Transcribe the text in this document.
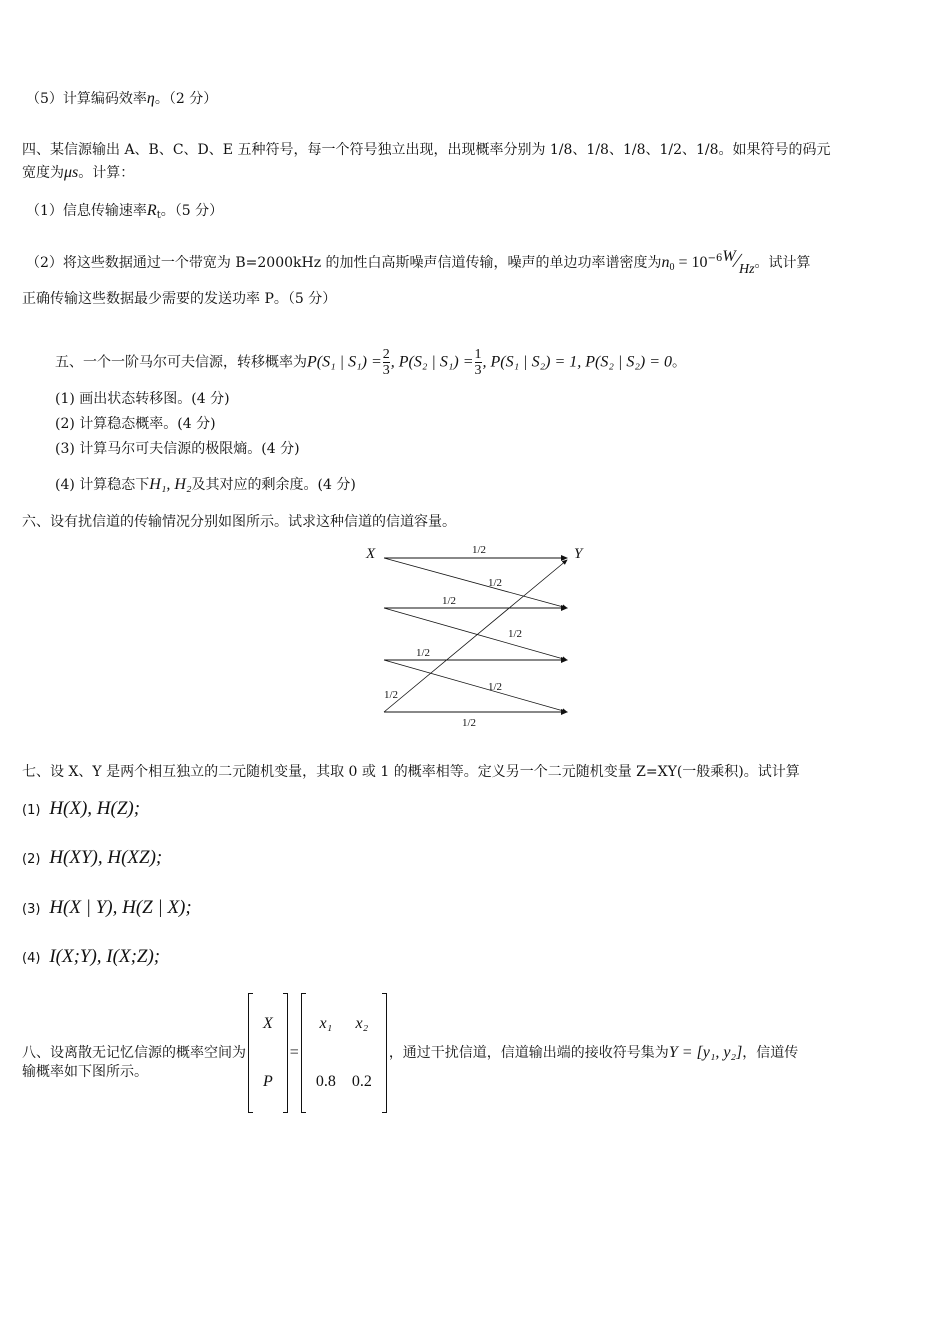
（5）计算编码效率η。（2 分）
四、某信源输出 A、B、C、D、E 五种符号，每一个符号独立出现，出现概率分别为 1/8、1/8、1/8、1/2、1/8。如果符号的码元
宽度为μs。计算：
（1）信息传输速率$R_t$。（5 分）
（2）将这些数据通过一个带宽为 B=2000kHz 的加性白高斯噪声信道传输，噪声的单边功率谱密度为$n_0$ = $10^{-6}W∕Hz$。试计算
正确传输这些数据最少需要的发送功率 P。（5 分）
五、一个一阶马尔可夫信源，转移概率为P(S₁ | $S_1) = \frac{2}{3}$ , P(S₂ | $S_1) = \frac{1}{3}$ , P(S₁ | S₂) = 1, P(S₂ | S₂) = 0。
(1) 画出状态转移图。(4 分)
(2) 计算稳态概率。(4 分)
(3) 计算马尔可夫信源的极限熵。(4 分)
(4) 计算稳态下H₁, H₂及其对应的剩余度。(4 分)
六、设有扰信道的传输情况分别如图所示。试求这种信道的信道容量。
X	Y
1/2
1/2
1/2
1/2
1/2
1/2
1/2
1/2
七、设 X、Y 是两个相互独立的二元随机变量，其取 0 或 1 的概率相等。定义另一个二元随机变量 Z=XY(一般乘积)。试计算
(1) H(X), H(Z);
(2) H(XY), H(XZ);
(3) H(X | Y), H(Z | X);
(4) I(X;Y), I(X;Z);
八、设离散无记忆信源的概率空间为
X
P
=
x₁	x₂
0.8	0.2
，通过干扰信道，信道输出端的接收符号集为Y = [y₁, y₂]，信道传
输概率如下图所示。
